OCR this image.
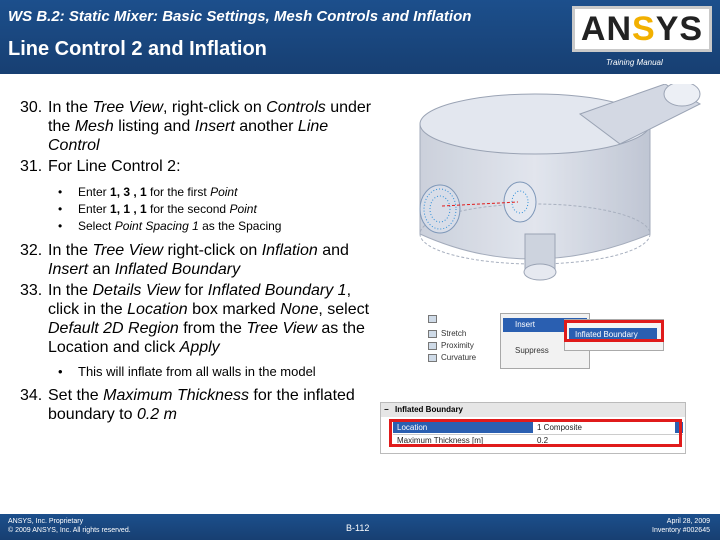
WS B.2: Static Mixer: Basic Settings, Mesh Controls and Inflation
Line Control 2 and Inflation
ANSYS
Training Manual
30. In the Tree View, right-click on Controls under the Mesh listing and Insert another Line Control
31. For Line Control 2:
• Enter 1, 3 , 1 for the first Point
• Enter 1, 1 , 1 for the second Point
• Select Point Spacing 1 as the Spacing
32. In the Tree View right-click on Inflation and Insert an Inflated Boundary
33. In the Details View for Inflated Boundary 1, click in the Location box marked None, select Default 2D Region from the Tree View as the Location and click Apply
• This will inflate from all walls in the model
34. Set the Maximum Thickness for the inflated boundary to 0.2 m
Stretch
Proximity
Curvature
Insert
Suppress
Inflated Boundary
− Inflated Boundary
Location	1 Composite
Maximum Thickness [m]	0.2
ANSYS, Inc. Proprietary
© 2009 ANSYS, Inc. All rights reserved.	B-112
April 28, 2009
Inventory #002645
